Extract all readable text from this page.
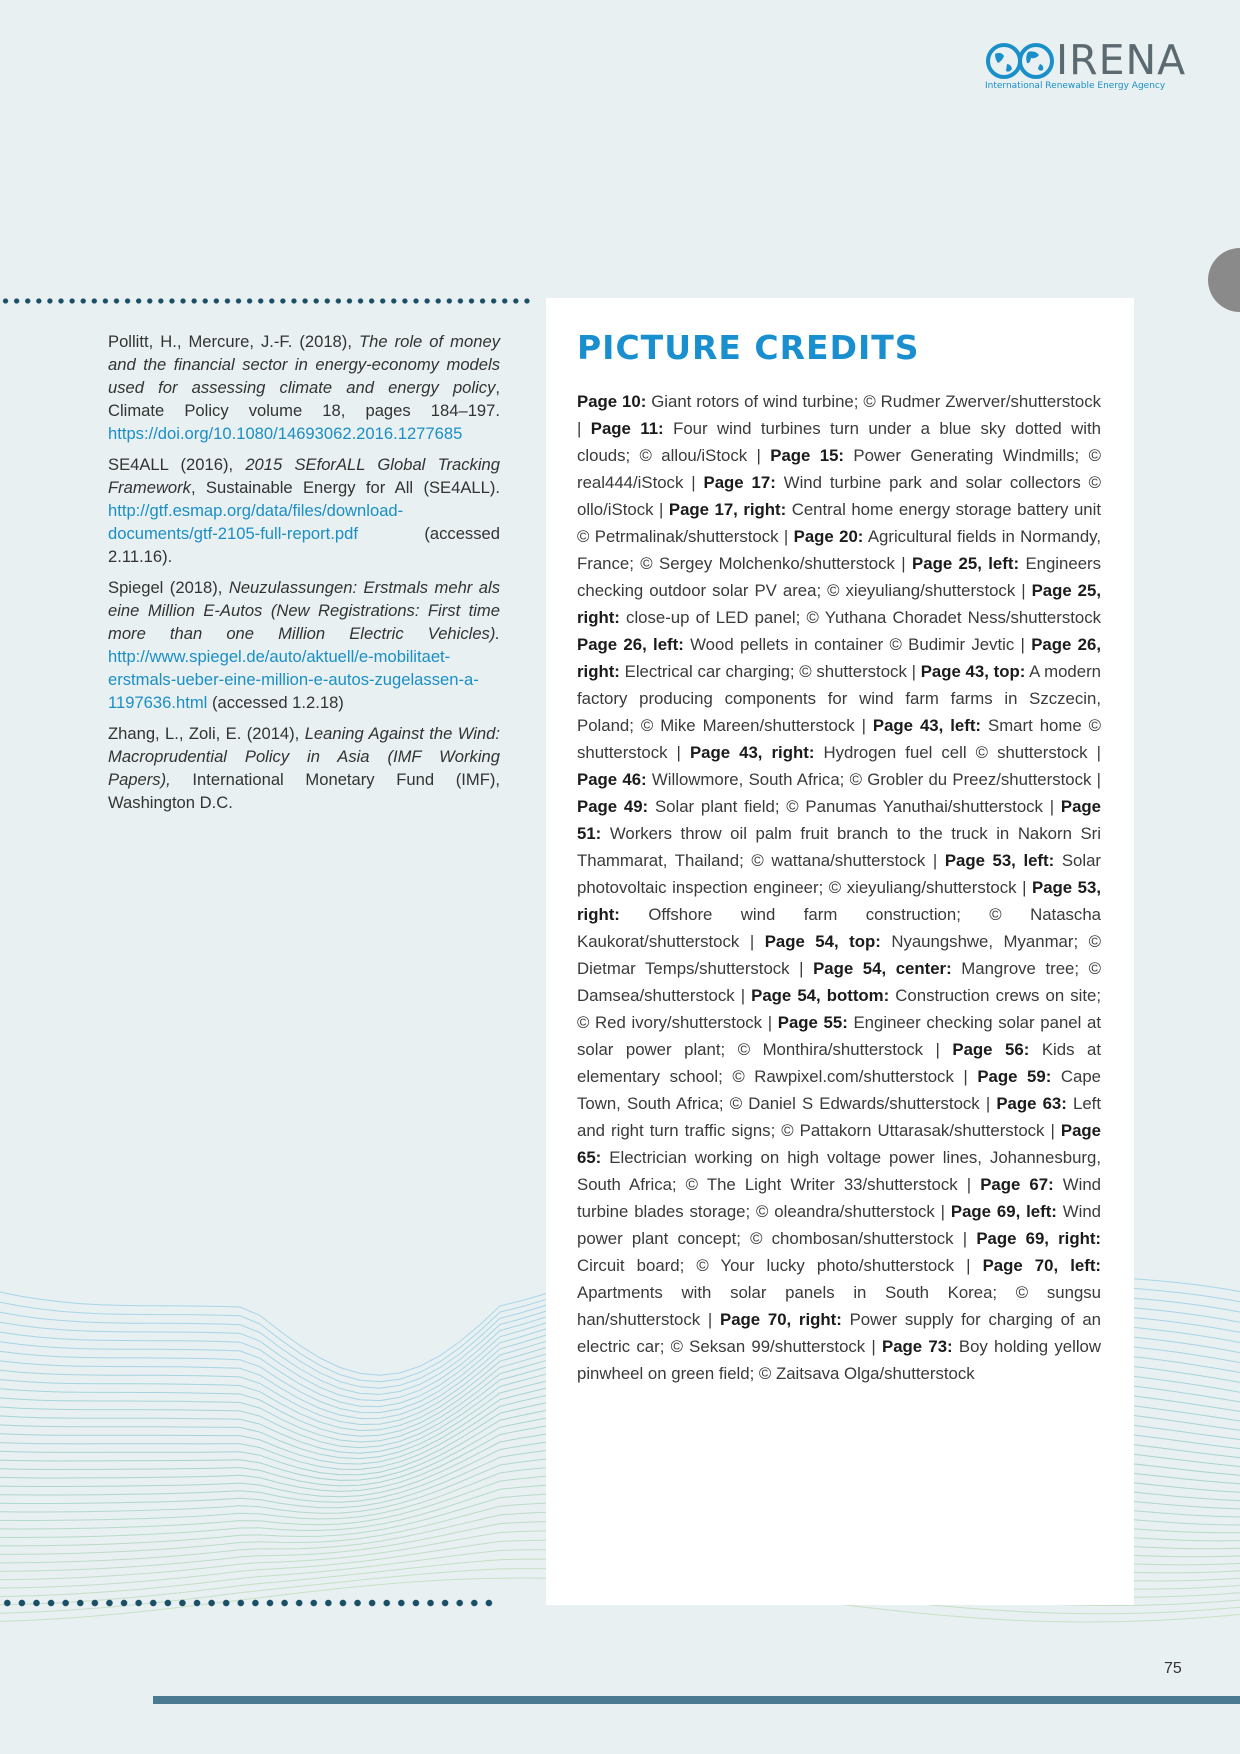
IRENA
International Renewable Energy Agency

Pollitt, H., Mercure, J.-F. (2018), The role of money and the financial sector in energy-economy models used for assessing climate and energy policy, Climate Policy volume 18, pages 184–197. https://doi.org/10.1080/14693062.2016.1277685

SE4ALL (2016), 2015 SEforALL Global Tracking Framework, Sustainable Energy for All (SE4ALL). http://gtf.esmap.org/data/files/download-documents/gtf-2105-full-report.pdf (accessed 2.11.16).

Spiegel (2018), Neuzulassungen: Erstmals mehr als eine Million E-Autos (New Registrations: First time more than one Million Electric Vehicles). http://www.spiegel.de/auto/aktuell/e-mobilitaet-erstmals-ueber-eine-million-e-autos-zugelassen-a-1197636.html (accessed 1.2.18)

Zhang, L., Zoli, E. (2014), Leaning Against the Wind: Macroprudential Policy in Asia (IMF Working Papers), International Monetary Fund (IMF), Washington D.C.

PICTURE CREDITS

Page 10: Giant rotors of wind turbine; © Rudmer Zwerver/shutterstock | Page 11: Four wind turbines turn under a blue sky dotted with clouds; © allou/iStock | Page 15: Power Generating Windmills; © real444/iStock | Page 17: Wind turbine park and solar collectors © ollo/iStock | Page 17, right: Central home energy storage battery unit © Petrmalinak/shutterstock | Page 20: Agricultural fields in Normandy, France; © Sergey Molchenko/shutterstock | Page 25, left: Engineers checking outdoor solar PV area; © xieyuliang/shutterstock | Page 25, right: close-up of LED panel; © Yuthana Choradet Ness/shutterstock Page 26, left: Wood pellets in container © Budimir Jevtic | Page 26, right: Electrical car charging; © shutterstock | Page 43, top: A modern factory producing components for wind farm farms in Szczecin, Poland; © Mike Mareen/shutterstock | Page 43, left: Smart home © shutterstock | Page 43, right: Hydrogen fuel cell © shutterstock | Page 46: Willowmore, South Africa; © Grobler du Preez/shutterstock | Page 49: Solar plant field; © Panumas Yanuthai/shutterstock | Page 51: Workers throw oil palm fruit branch to the truck in Nakorn Sri Thammarat, Thailand; © wattana/shutterstock | Page 53, left: Solar photovoltaic inspection engineer; © xieyuliang/shutterstock | Page 53, right: Offshore wind farm construction; © Natascha Kaukorat/shutterstock | Page 54, top: Nyaungshwe, Myanmar; © Dietmar Temps/shutterstock | Page 54, center: Mangrove tree; © Damsea/shutterstock | Page 54, bottom: Construction crews on site; © Red ivory/shutterstock | Page 55: Engineer checking solar panel at solar power plant; © Monthira/shutterstock | Page 56: Kids at elementary school; © Rawpixel.com/shutterstock | Page 59: Cape Town, South Africa; © Daniel S Edwards/shutterstock | Page 63: Left and right turn traffic signs; © Pattakorn Uttarasak/shutterstock | Page 65: Electrician working on high voltage power lines, Johannesburg, South Africa; © The Light Writer 33/shutterstock | Page 67: Wind turbine blades storage; © oleandra/shutterstock | Page 69, left: Wind power plant concept; © chombosan/shutterstock | Page 69, right: Circuit board; © Your lucky photo/shutterstock | Page 70, left: Apartments with solar panels in South Korea; © sungsu han/shutterstock | Page 70, right: Power supply for charging of an electric car; © Seksan 99/shutterstock | Page 73: Boy holding yellow pinwheel on green field; © Zaitsava Olga/shutterstock

75
